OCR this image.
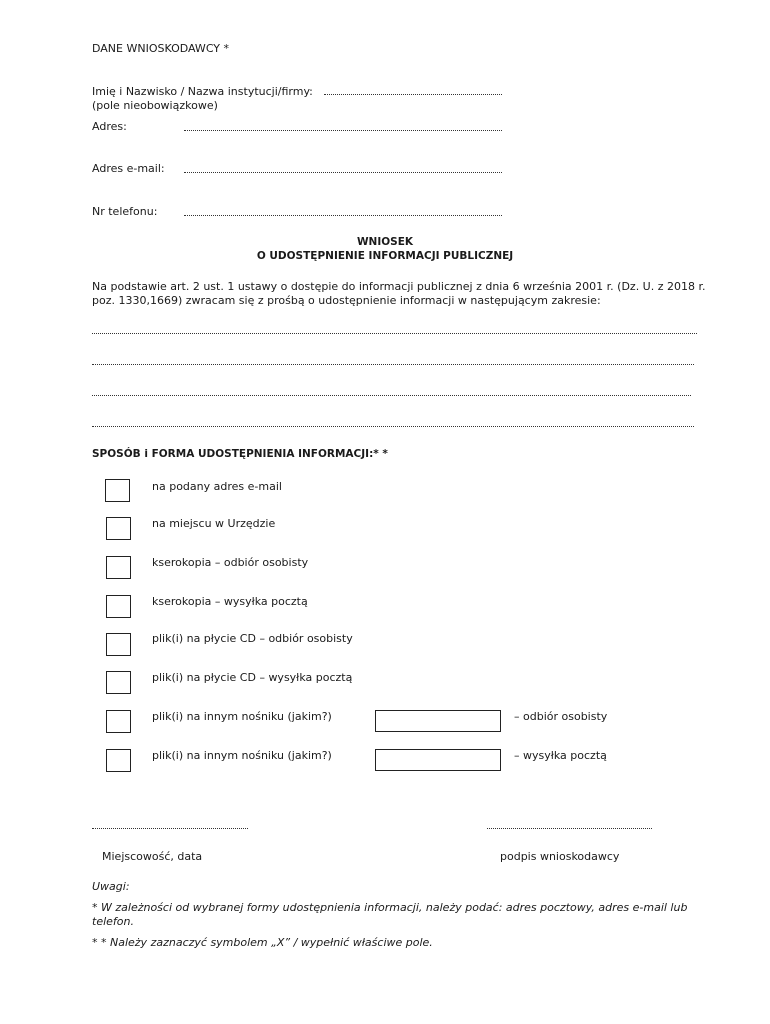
DANE WNIOSKODAWCY *
Imię i Nazwisko / Nazwa instytucji/firmy:
(pole nieobowiązkowe)
Adres:
Adres e-mail:
Nr telefonu:
WNIOSEK
O UDOSTĘPNIENIE INFORMACJI PUBLICZNEJ
Na podstawie art. 2 ust. 1 ustawy o dostępie do informacji publicznej z dnia 6 września 2001 r. (Dz. U. z 2018 r.
poz. 1330,1669) zwracam się z prośbą o udostępnienie informacji w następującym zakresie:
SPOSÓB i FORMA UDOSTĘPNIENIA INFORMACJI:* *
na podany adres e-mail
na miejscu w Urzędzie
kserokopia – odbiór osobisty
kserokopia – wysyłka pocztą
plik(i) na płycie CD – odbiór osobisty
plik(i) na płycie CD – wysyłka pocztą
plik(i) na innym nośniku (jakim?)	– odbiór osobisty
plik(i) na innym nośniku (jakim?)	– wysyłka pocztą
Miejscowość, data	podpis wnioskodawcy
Uwagi:
* W zależności od wybranej formy udostępnienia informacji, należy podać: adres pocztowy, adres e-mail lub telefon.
* * Należy zaznaczyć symbolem „X” / wypełnić właściwe pole.
